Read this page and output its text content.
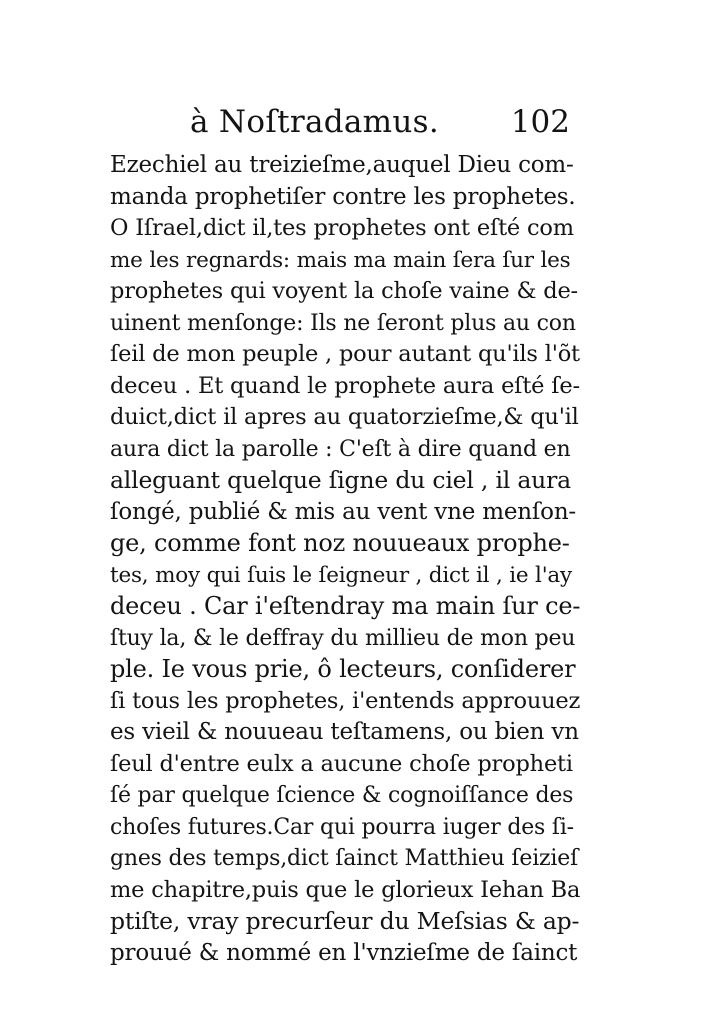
à Noſtradamus. 102
Ezechiel au treizieſme,auquel Dieu com-
manda prophetiſer contre les prophetes.
O Iſrael,dict il,tes prophetes ont eſté com
me les regnards: mais ma main ſera ſur les
prophetes qui voyent la choſe vaine & de-
uinent menſonge: Ils ne ſeront plus au con
ſeil de mon peuple , pour autant qu'ils l'õt
deceu . Et quand le prophete aura eſté ſe-
duict,dict il apres au quatorzieſme,& qu'il
aura dict la parolle : C'eſt à dire quand en
alleguant quelque ſigne du ciel , il aura
ſongé, publié & mis au vent vne menſon-
ge, comme font noz nouueaux prophe-
tes, moy qui ſuis le ſeigneur , dict il , ie l'ay
deceu . Car i'eſtendray ma main ſur ce-
ſtuy la, & le deffray du millieu de mon peu
ple. Ie vous prie, ô lecteurs, conſiderer
ſi tous les prophetes, i'entends approuuez
es vieil & nouueau teſtamens, ou bien vn
ſeul d'entre eulx a aucune choſe propheti
ſé par quelque ſcience & cognoiſſance des
choſes futures.Car qui pourra iuger des ſi-
gnes des temps,dict ſainct Matthieu ſeizieſ
me chapitre,puis que le glorieux Iehan Ba
ptiſte, vray precurſeur du Meſsias & ap-
prouué & nommé en l'vnzieſme de ſainct
